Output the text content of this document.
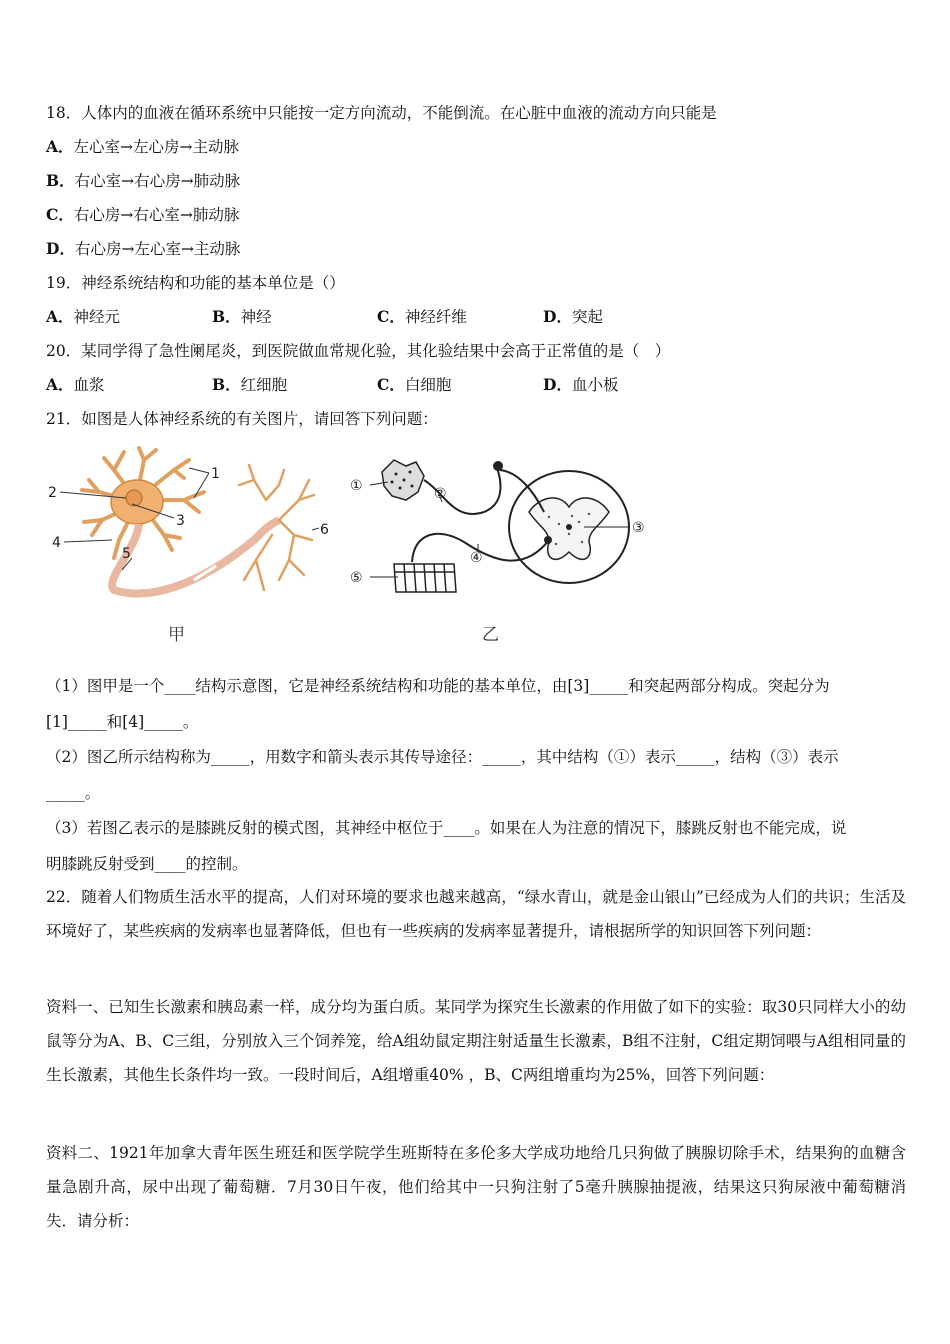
18．人体内的血液在循环系统中只能按一定方向流动，不能倒流。在心脏中血液的流动方向只能是
A．左心室→左心房→主动脉
B．右心室→右心房→肺动脉
C．右心房→右心室→肺动脉
D．右心房→左心室→主动脉
19．神经系统结构和功能的基本单位是（）
A．神经元	B．神经	C．神经纤维	D．突起
20．某同学得了急性阑尾炎，到医院做血常规化验，其化验结果中会高于正常值的是（　）
A．血浆	B．红细胞	C．白细胞	D．血小板
21．如图是人体神经系统的有关图片，请回答下列问题：
1
2
3
4
5
6
甲
①	②
③
④
⑤
乙
（1）图甲是一个____结构示意图，它是神经系统结构和功能的基本单位，由[3]_____和突起两部分构成。突起分为
[1]_____和[4]_____。
（2）图乙所示结构称为_____，用数字和箭头表示其传导途径：_____，其中结构（①）表示_____，结构（③）表示
_____。
（3）若图乙表示的是膝跳反射的模式图，其神经中枢位于____。如果在人为注意的情况下，膝跳反射也不能完成，说
明膝跳反射受到____的控制。
22．随着人们物质生活水平的提高，人们对环境的要求也越来越高，“绿水青山，就是金山银山”已经成为人们的共识；生活及环境好了，某些疾病的发病率也显著降低，但也有一些疾病的发病率显著提升，请根据所学的知识回答下列问题：
资料一、已知生长激素和胰岛素一样，成分均为蛋白质。某同学为探究生长激素的作用做了如下的实验：取30只同样大小的幼鼠等分为A、B、C三组，分别放入三个饲养笼，给A组幼鼠定期注射适量生长激素，B组不注射，C组定期饲喂与A组相同量的生长激素，其他生长条件均一致。一段时间后，A组增重40% ，B、C两组增重均为25%，回答下列问题：
资料二、1921年加拿大青年医生班廷和医学院学生班斯特在多伦多大学成功地给几只狗做了胰腺切除手术，结果狗的血糖含量急剧升高，尿中出现了葡萄糖．7月30日午夜，他们给其中一只狗注射了5毫升胰腺抽提液，结果这只狗尿液中葡萄糖消失．请分析：
